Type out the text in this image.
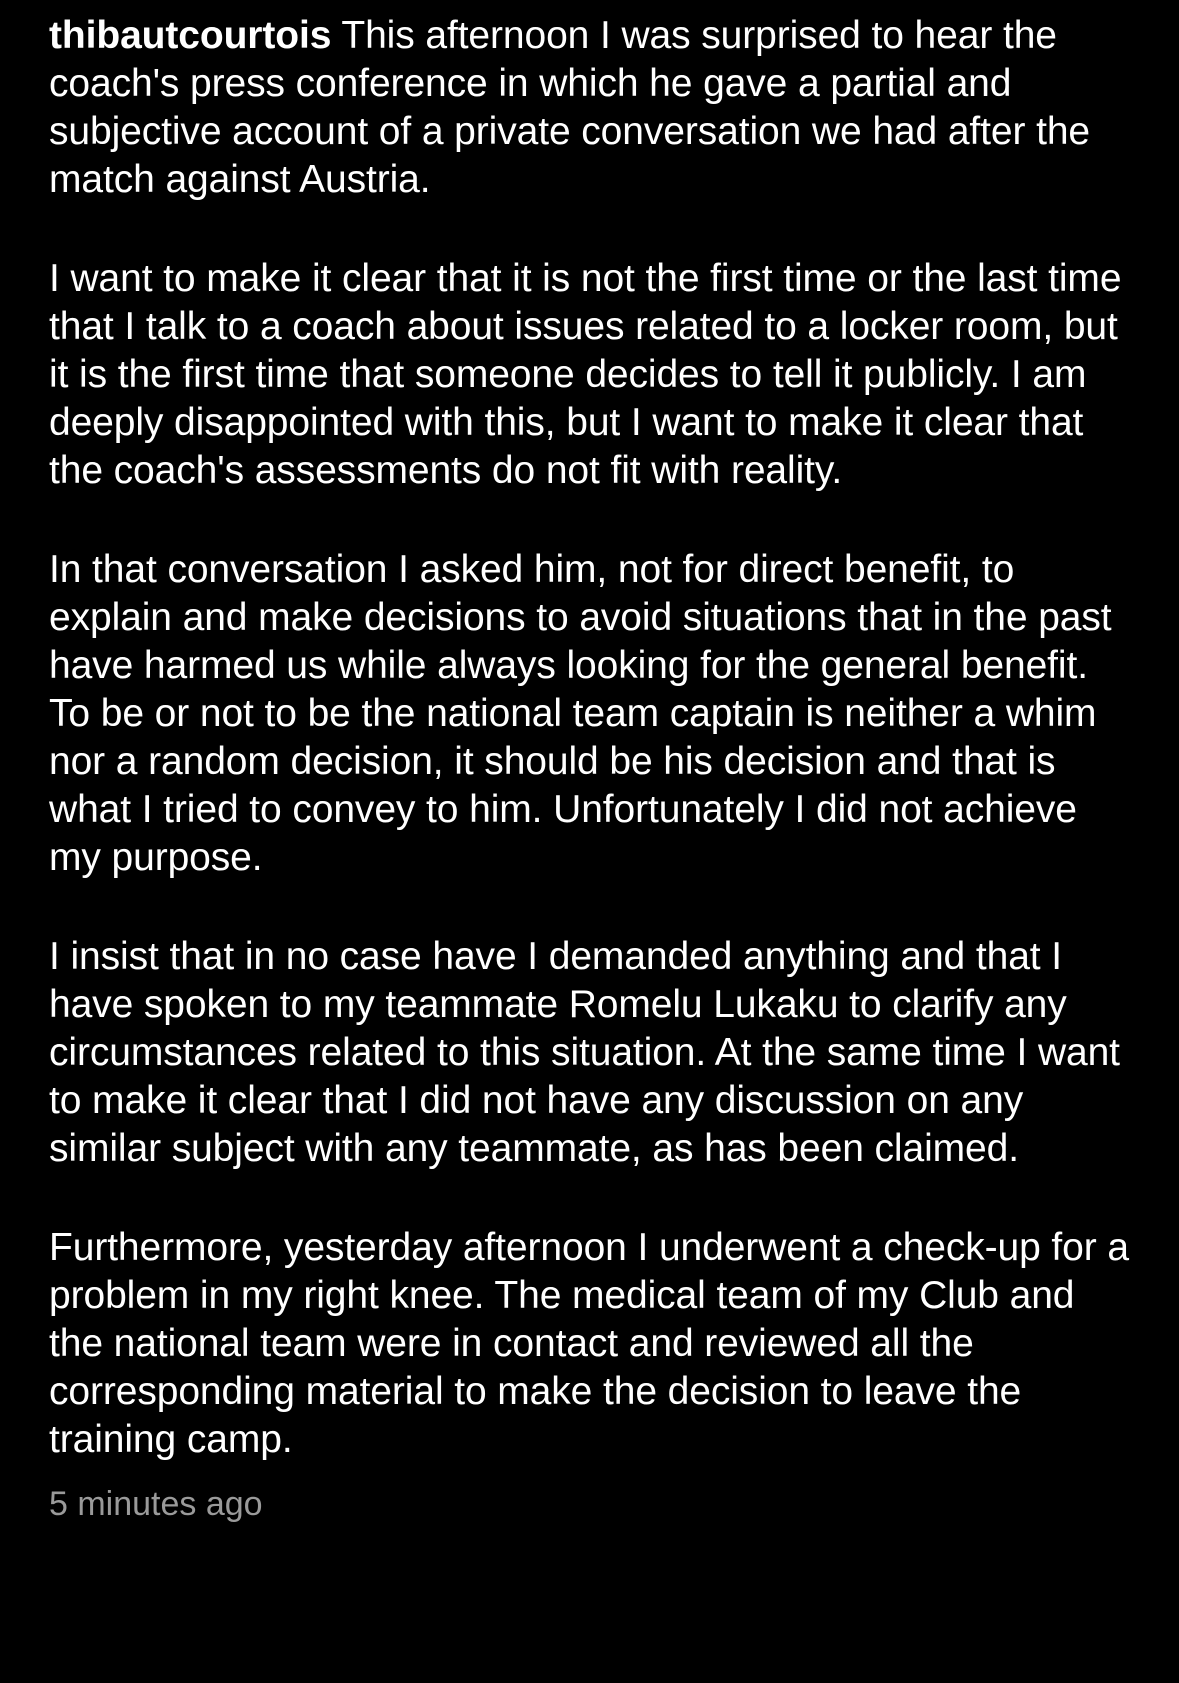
thibautcourtois This afternoon I was surprised to hear the coach's press conference in which he gave a partial and subjective account of a private conversation we had after the match against Austria.

I want to make it clear that it is not the first time or the last time that I talk to a coach about issues related to a locker room, but it is the first time that someone decides to tell it publicly. I am deeply disappointed with this, but I want to make it clear that the coach's assessments do not fit with reality.

In that conversation I asked him, not for direct benefit, to explain and make decisions to avoid situations that in the past have harmed us while always looking for the general benefit. To be or not to be the national team captain is neither a whim nor a random decision, it should be his decision and that is what I tried to convey to him. Unfortunately I did not achieve my purpose.

I insist that in no case have I demanded anything and that I have spoken to my teammate Romelu Lukaku to clarify any circumstances related to this situation. At the same time I want to make it clear that I did not have any discussion on any similar subject with any teammate, as has been claimed.

Furthermore, yesterday afternoon I underwent a check-up for a problem in my right knee. The medical team of my Club and the national team were in contact and reviewed all the corresponding material to make the decision to leave the training camp.

5 minutes ago
